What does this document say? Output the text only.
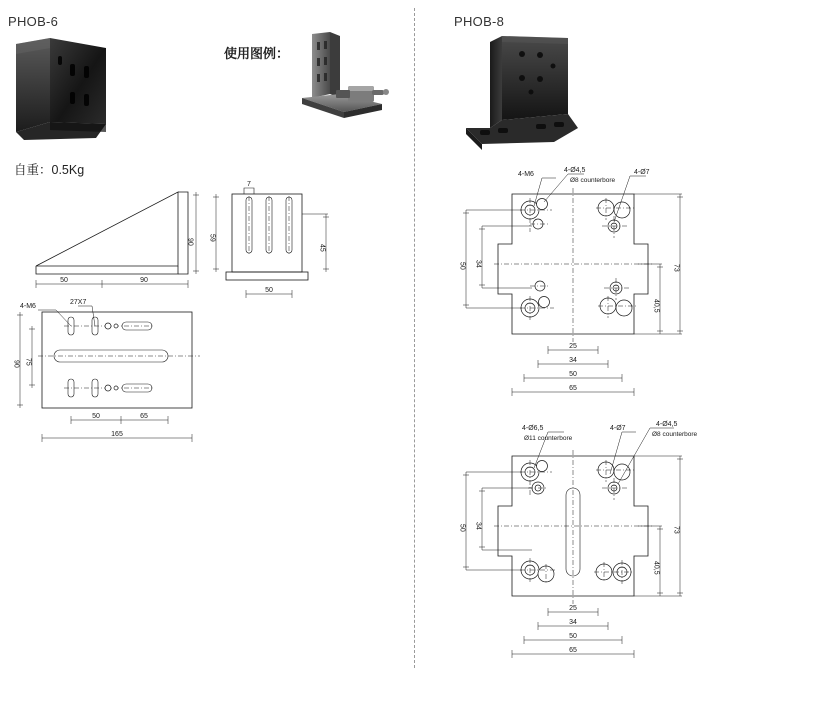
PHOB-6
自重：0.5Kg
使用图例：
90
50	90
7
59
45
50
4-M6
27X7
90 75
50	65
165
PHOB-8
4-M6
4-Ø4,5
Ø8 counterbore
4-Ø7
50 34
73
40,5
25
34
50
65
4-Ø6,5
Ø11 counterbore
4-Ø7
4-Ø4,5
Ø8 counterbore
50 34
73
40,5
25
34
50
65
